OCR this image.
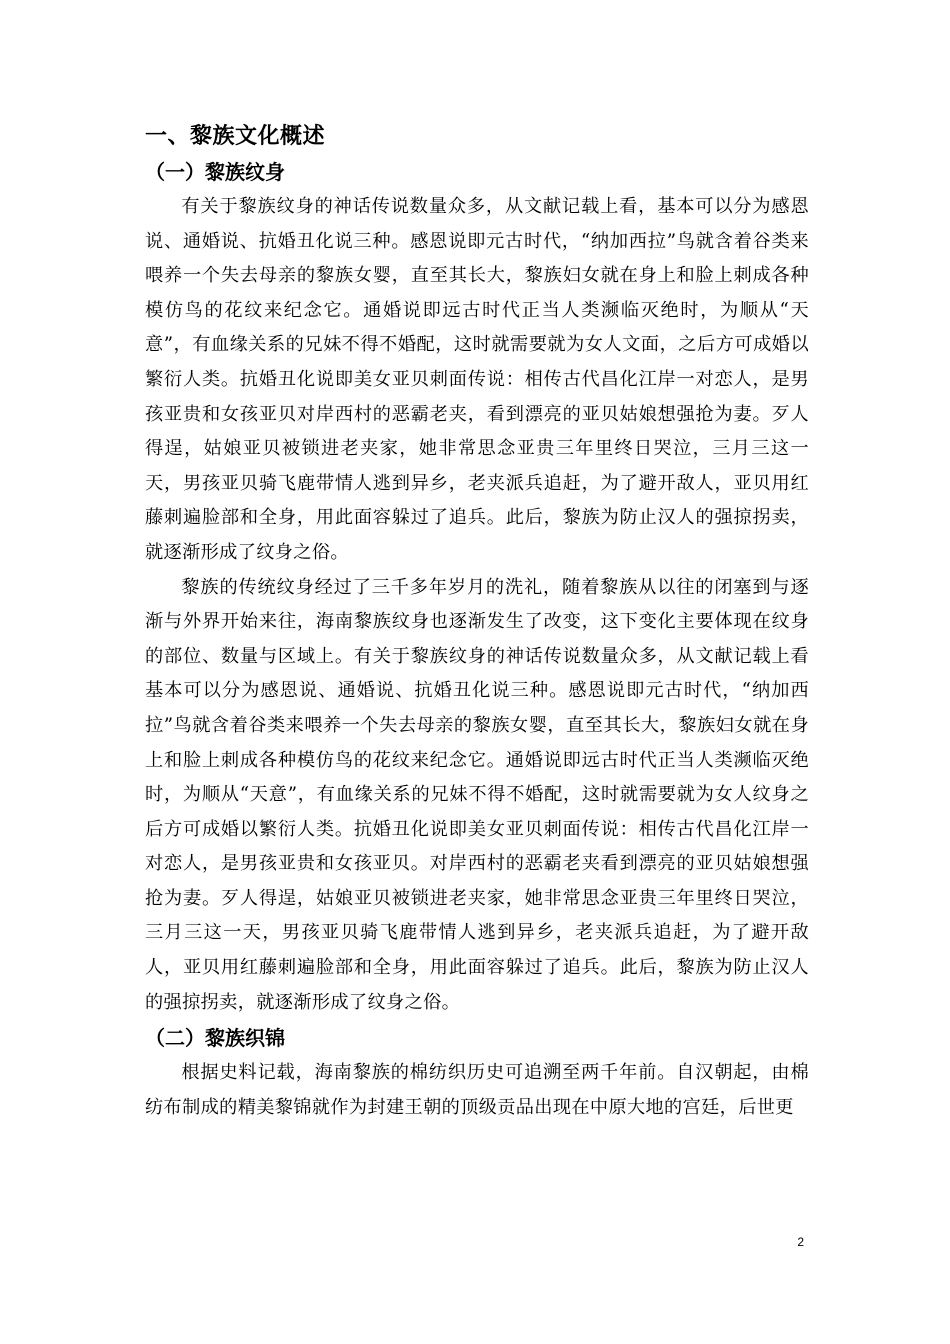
一、黎族文化概述
（一）黎族纹身

有关于黎族纹身的神话传说数量众多，从文献记载上看，基本可以分为感恩说、通婚说、抗婚丑化说三种。感恩说即元古时代，“纳加西拉”鸟就含着谷类来喂养一个失去母亲的黎族女婴，直至其长大，黎族妇女就在身上和脸上刺成各种模仿鸟的花纹来纪念它。通婚说即远古时代正当人类濒临灭绝时，为顺从“天意”，有血缘关系的兄妹不得不婚配，这时就需要就为女人文面，之后方可成婚以繁衍人类。抗婚丑化说即美女亚贝刺面传说：相传古代昌化江岸一对恋人，是男孩亚贵和女孩亚贝对岸西村的恶霸老夹，看到漂亮的亚贝姑娘想强抢为妻。歹人得逞，姑娘亚贝被锁进老夹家，她非常思念亚贵三年里终日哭泣，三月三这一天，男孩亚贝骑飞鹿带情人逃到异乡，老夹派兵追赶，为了避开敌人，亚贝用红藤刺遍脸部和全身，用此面容躲过了追兵。此后，黎族为防止汉人的强掠拐卖，就逐渐形成了纹身之俗。

黎族的传统纹身经过了三千多年岁月的洗礼，随着黎族从以往的闭塞到与逐渐与外界开始来往，海南黎族纹身也逐渐发生了改变，这下变化主要体现在纹身的部位、数量与区域上。有关于黎族纹身的神话传说数量众多，从文献记载上看基本可以分为感恩说、通婚说、抗婚丑化说三种。感恩说即元古时代，“纳加西拉”鸟就含着谷类来喂养一个失去母亲的黎族女婴，直至其长大，黎族妇女就在身上和脸上刺成各种模仿鸟的花纹来纪念它。通婚说即远古时代正当人类濒临灭绝时，为顺从“天意”，有血缘关系的兄妹不得不婚配，这时就需要就为女人纹身之后方可成婚以繁衍人类。抗婚丑化说即美女亚贝刺面传说：相传古代昌化江岸一对恋人，是男孩亚贵和女孩亚贝。对岸西村的恶霸老夹看到漂亮的亚贝姑娘想强抢为妻。歹人得逞，姑娘亚贝被锁进老夹家，她非常思念亚贵三年里终日哭泣，三月三这一天，男孩亚贝骑飞鹿带情人逃到异乡，老夹派兵追赶，为了避开敌人，亚贝用红藤刺遍脸部和全身，用此面容躲过了追兵。此后，黎族为防止汉人的强掠拐卖，就逐渐形成了纹身之俗。

（二）黎族织锦

根据史料记载，海南黎族的棉纺织历史可追溯至两千年前。自汉朝起，由棉纺布制成的精美黎锦就作为封建王朝的顶级贡品出现在中原大地的宫廷，后世更

2
